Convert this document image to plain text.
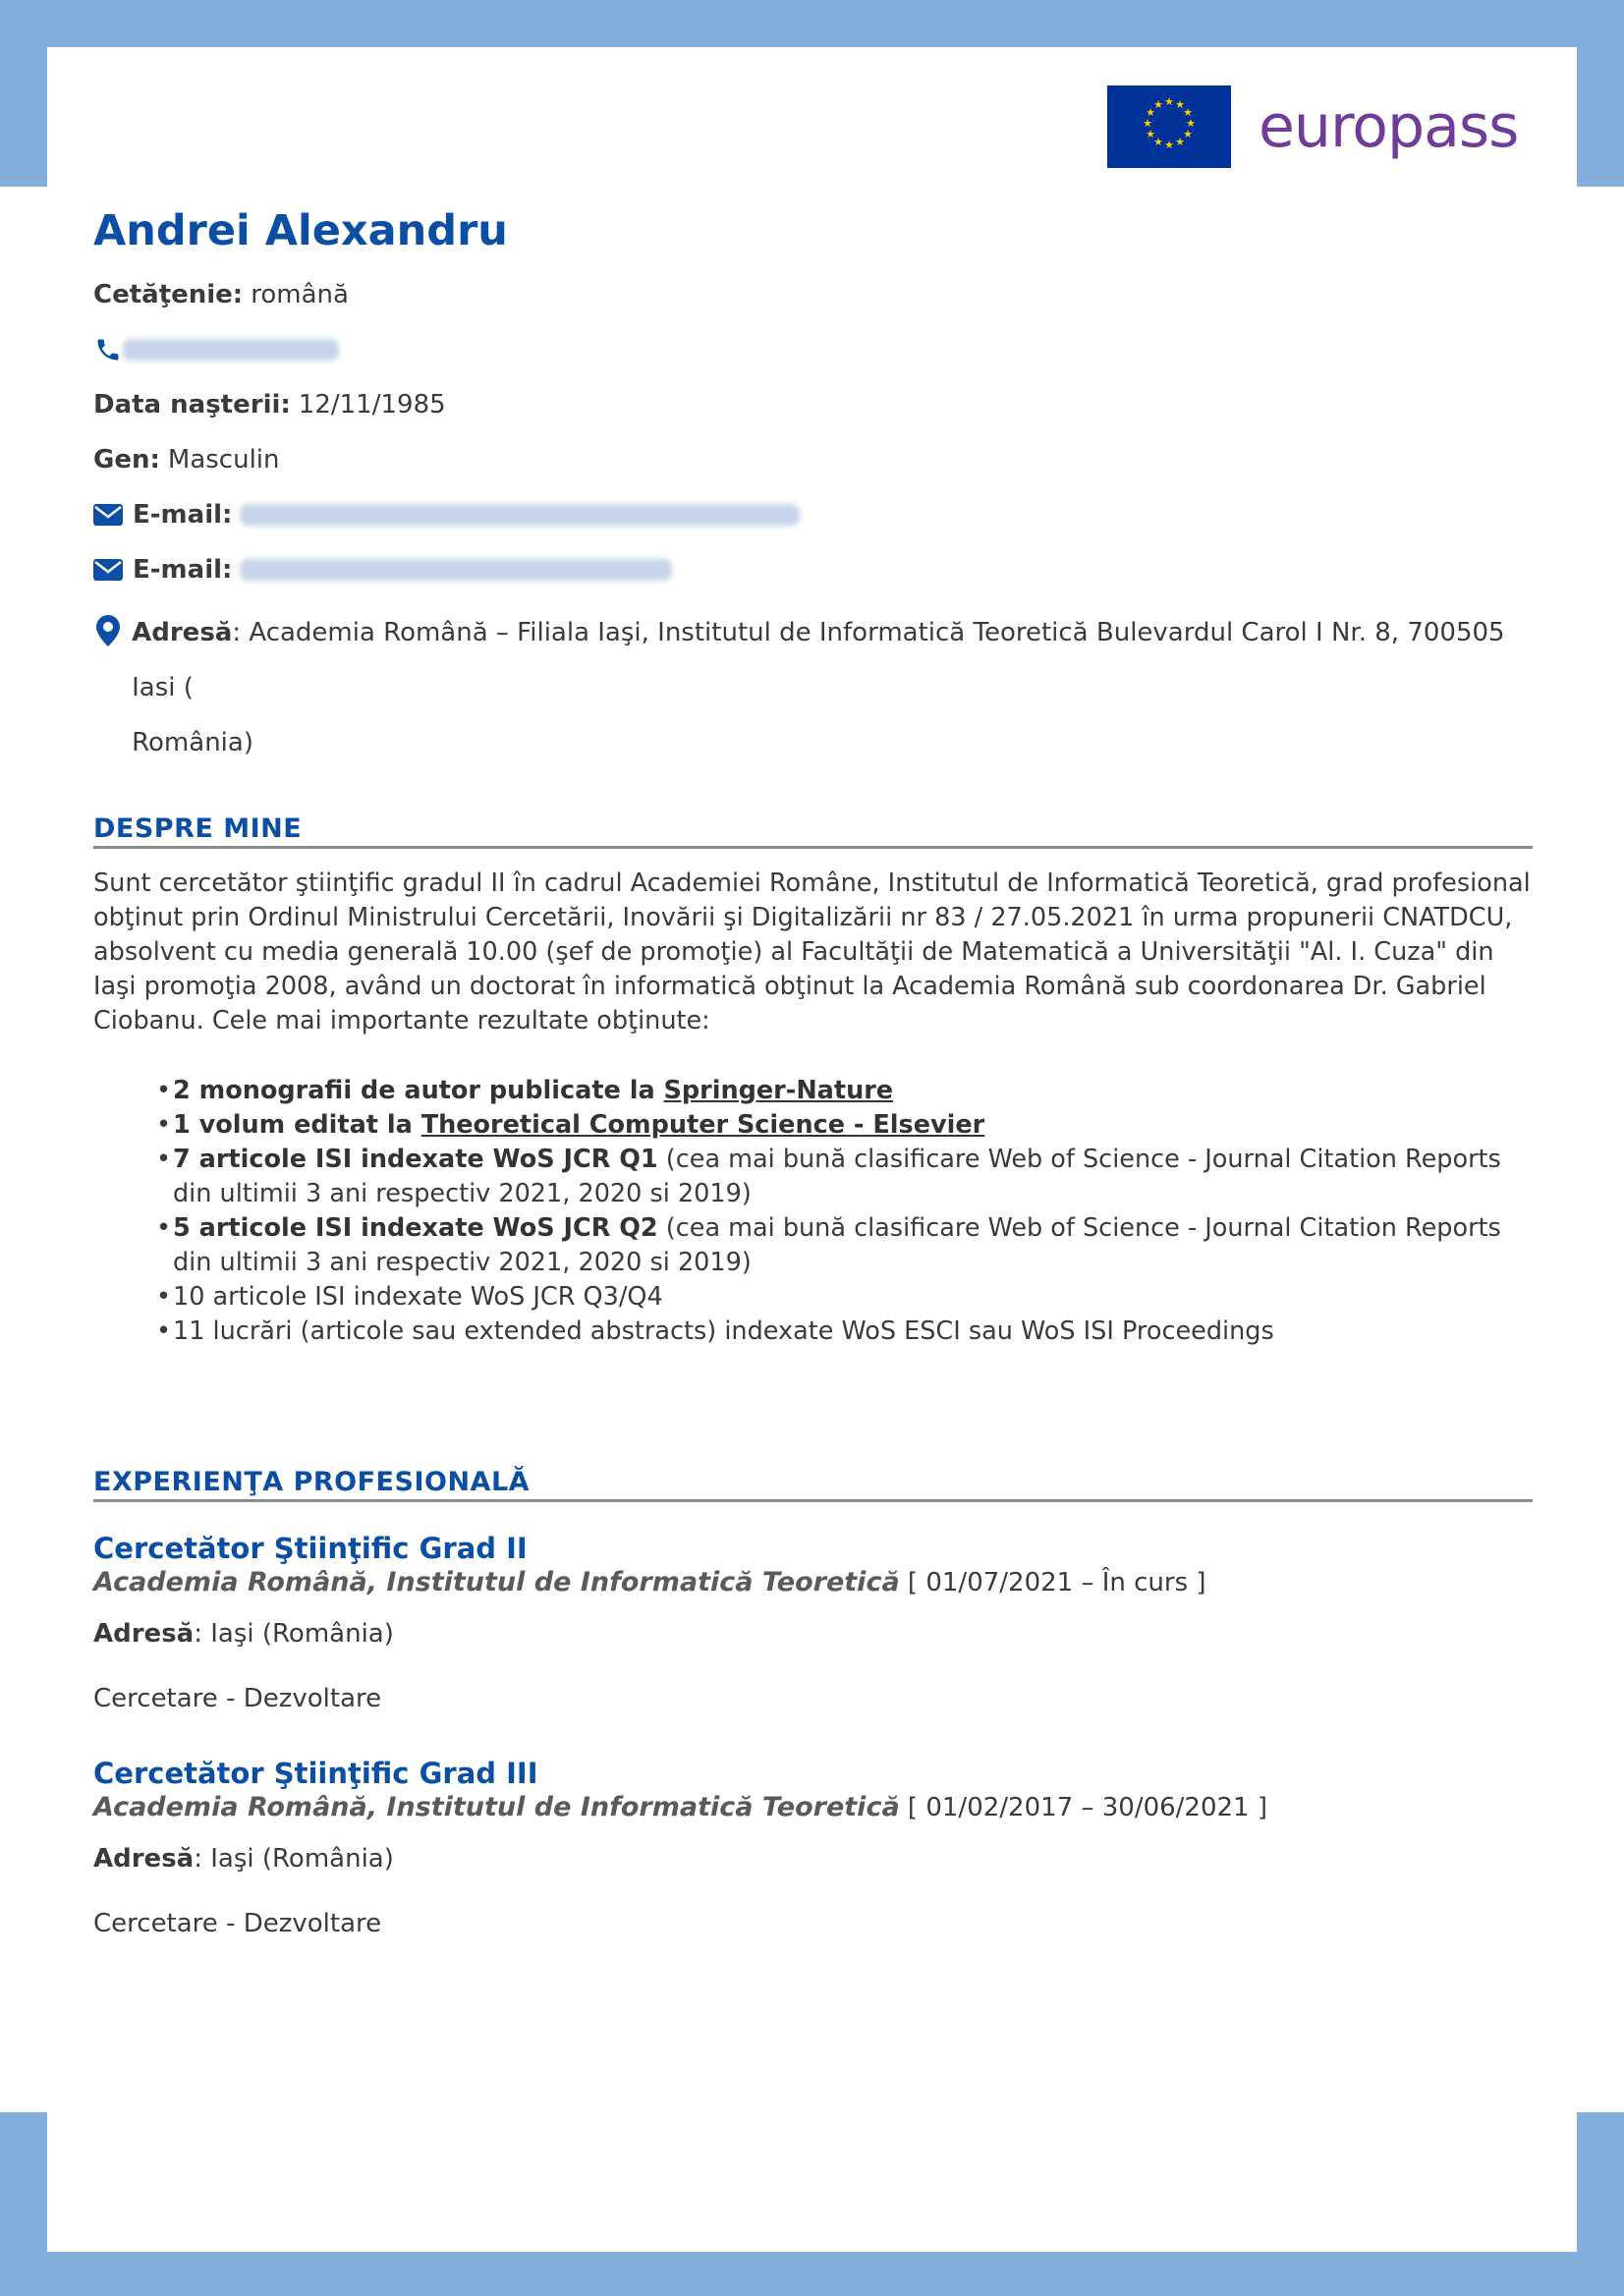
★ ★
★
★
★
★
★
★
★
★
★
★ europass
Andrei Alexandru
Cetăţenie: română
Data naşterii: 12/11/1985
Gen: Masculin
E-mail:
E-mail:
Adresă: Academia Română – Filiala Iaşi, Institutul de Informatică Teoretică Bulevardul Carol I Nr. 8, 700505 Iasi (
România)
DESPRE MINE
Sunt cercetător ştiinţific gradul II în cadrul Academiei Române, Institutul de Informatică Teoretică, grad profesional obţinut prin Ordinul Ministrului Cercetării, Inovării şi Digitalizării nr 83 / 27.05.2021 în urma propunerii CNATDCU, absolvent cu media generală 10.00 (şef de promoţie) al Facultăţii de Matematică a Universităţii "Al. I. Cuza" din Iaşi promoţia 2008, având un doctorat în informatică obţinut la Academia Română sub coordonarea Dr. Gabriel Ciobanu. Cele mai importante rezultate obţinute:
• 2 monografii de autor publicate la Springer-Nature
• 1 volum editat la Theoretical Computer Science - Elsevier
• 7 articole ISI indexate WoS JCR Q1 (cea mai bună clasificare Web of Science - Journal Citation Reports din ultimii 3 ani respectiv 2021, 2020 si 2019)
• 5 articole ISI indexate WoS JCR Q2 (cea mai bună clasificare Web of Science - Journal Citation Reports din ultimii 3 ani respectiv 2021, 2020 si 2019)
• 10 articole ISI indexate WoS JCR Q3/Q4
• 11 lucrări (articole sau extended abstracts) indexate WoS ESCI sau WoS ISI Proceedings
EXPERIENŢA PROFESIONALĂ
Cercetător Ştiinţific Grad II
Academia Română, Institutul de Informatică Teoretică [ 01/07/2021 – În curs ]
Adresă: Iaşi (România)
Cercetare - Dezvoltare
Cercetător Ştiinţific Grad III
Academia Română, Institutul de Informatică Teoretică [ 01/02/2017 – 30/06/2021 ]
Adresă: Iaşi (România)
Cercetare - Dezvoltare
